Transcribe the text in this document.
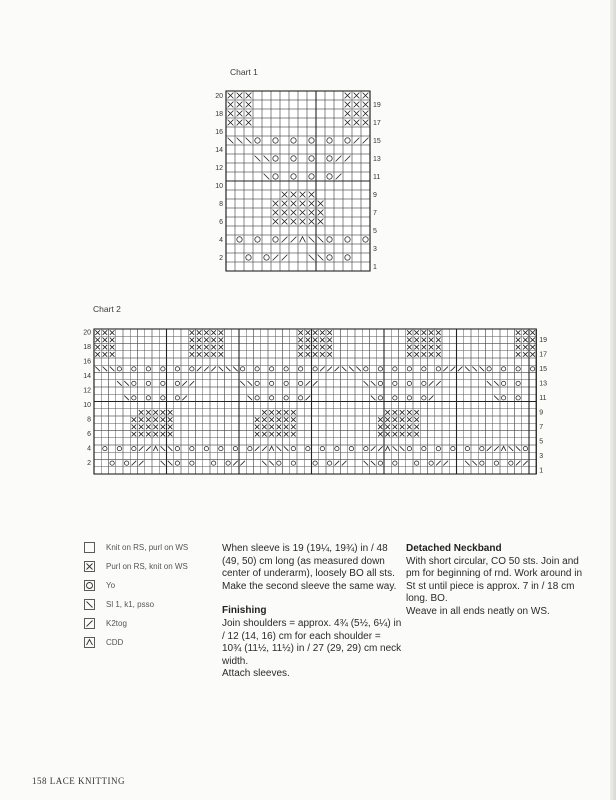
Chart 1
20
18
16
14
12
10
8
6
4
2
19
17
15
13
11
9
7
5
3
1
Chart 2
20
18
16
14
12
10
8
6
4
2
19
17
15
13
11
9
7
5
3
1
Knit on RS, purl on WS
Purl on RS, knit on WS
Yo
Sl 1, k1, psso
K2tog
CDD

When sleeve is 19 (19¼, 19¾) in / 48 (49, 50) cm long (as measured down center of underarm), loosely BO all sts. Make the second sleeve the same way.

Finishing

Join shoulders = approx. 4¾ (5½, 6¼) in / 12 (14, 16) cm for each shoulder = 10¾ (11½, 11½) in / 27 (29, 29) cm neck width.

Attach sleeves.

Detached Neckband

With short circular, CO 50 sts. Join and pm for beginning of rnd. Work around in St st until piece is approx. 7 in / 18 cm long. BO.

Weave in all ends neatly on WS.

158 LACE KNITTING
